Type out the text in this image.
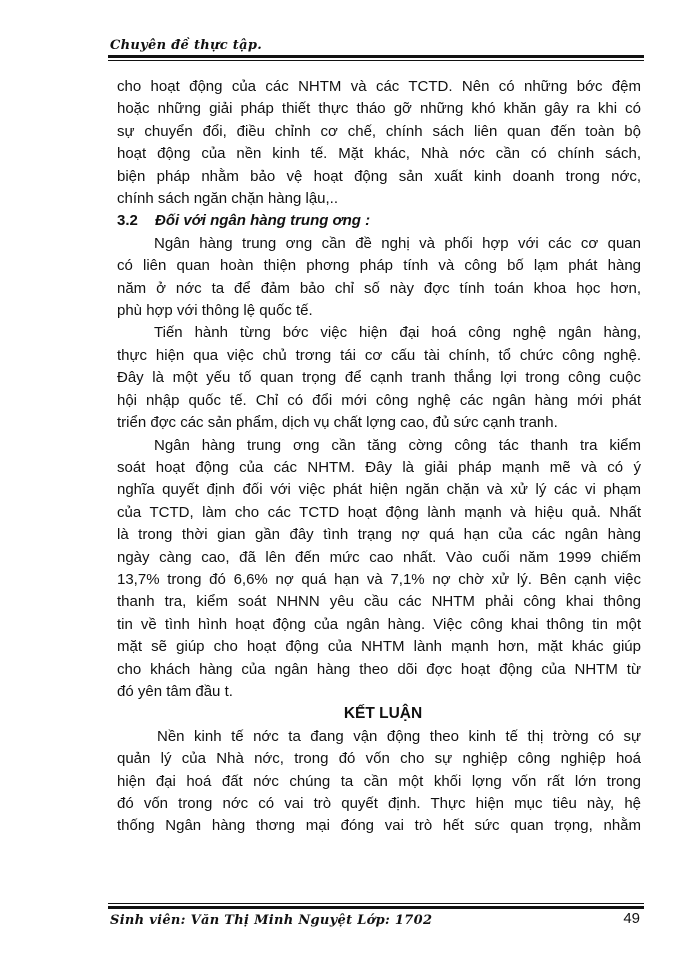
Chuyên đề thực tập.

cho hoạt động của các NHTM và các TCTD. Nên có những bớc đệm
hoặc những giải pháp thiết thực tháo gỡ những khó khăn gây ra khi có
sự chuyển đổi, điều chỉnh cơ chế, chính sách liên quan đến toàn bộ
hoạt động của nền kinh tế. Mặt khác, Nhà nớc cần có chính sách,
biện pháp nhằm bảo vệ hoạt động sản xuất kinh doanh trong nớc,
chính sách ngăn chặn hàng lậu,..

3.2 Đối với ngân hàng trung ơng :

Ngân hàng trung ơng cần đề nghị và phối hợp với các cơ quan
có liên quan hoàn thiện phơng pháp tính và công bố lạm phát hàng
năm ở nớc ta để đảm bảo chỉ số này đợc tính toán khoa học hơn,
phù hợp với thông lệ quốc tế.

Tiến hành từng bớc việc hiện đại hoá công nghệ ngân hàng,
thực hiện qua việc chủ trơng tái cơ cấu tài chính, tổ chức công nghệ.
Đây là một yếu tố quan trọng để cạnh tranh thắng lợi trong công cuộc
hội nhập quốc tế. Chỉ có đổi mới công nghệ các ngân hàng mới phát
triển đợc các sản phẩm, dịch vụ chất lợng cao, đủ sức cạnh tranh.

Ngân hàng trung ơng cần tăng cờng công tác thanh tra kiểm
soát hoạt động của các NHTM. Đây là giải pháp mạnh mẽ và có ý
nghĩa quyết định đối với việc phát hiện ngăn chặn và xử lý các vi phạm
của TCTD, làm cho các TCTD hoạt động lành mạnh và hiệu quả. Nhất
là trong thời gian gần đây tình trạng nợ quá hạn của các ngân hàng
ngày càng cao, đã lên đến mức cao nhất. Vào cuối năm 1999 chiếm
13,7% trong đó 6,6% nợ quá hạn và 7,1% nợ chờ xử lý. Bên cạnh việc
thanh tra, kiểm soát NHNN yêu cầu các NHTM phải công khai thông
tin về tình hình hoạt động của ngân hàng. Việc công khai thông tin một
mặt sẽ giúp cho hoạt động của NHTM lành mạnh hơn, mặt khác giúp
cho khách hàng của ngân hàng theo dõi đợc hoạt động của NHTM từ
đó yên tâm đầu t.

KẾT LUẬN

Nền kinh tế nớc ta đang vận động theo kinh tế thị trờng có sự
quản lý của Nhà nớc, trong đó vốn cho sự nghiệp công nghiệp hoá
hiện đại hoá đất nớc chúng ta cần một khối lợng vốn rất lớn trong
đó vốn trong nớc có vai trò quyết định. Thực hiện mục tiêu này, hệ
thống Ngân hàng thơng mại đóng vai trò hết sức quan trọng, nhằm

Sinh viên: Văn Thị Minh Nguyệt Lớp: 1702	49
